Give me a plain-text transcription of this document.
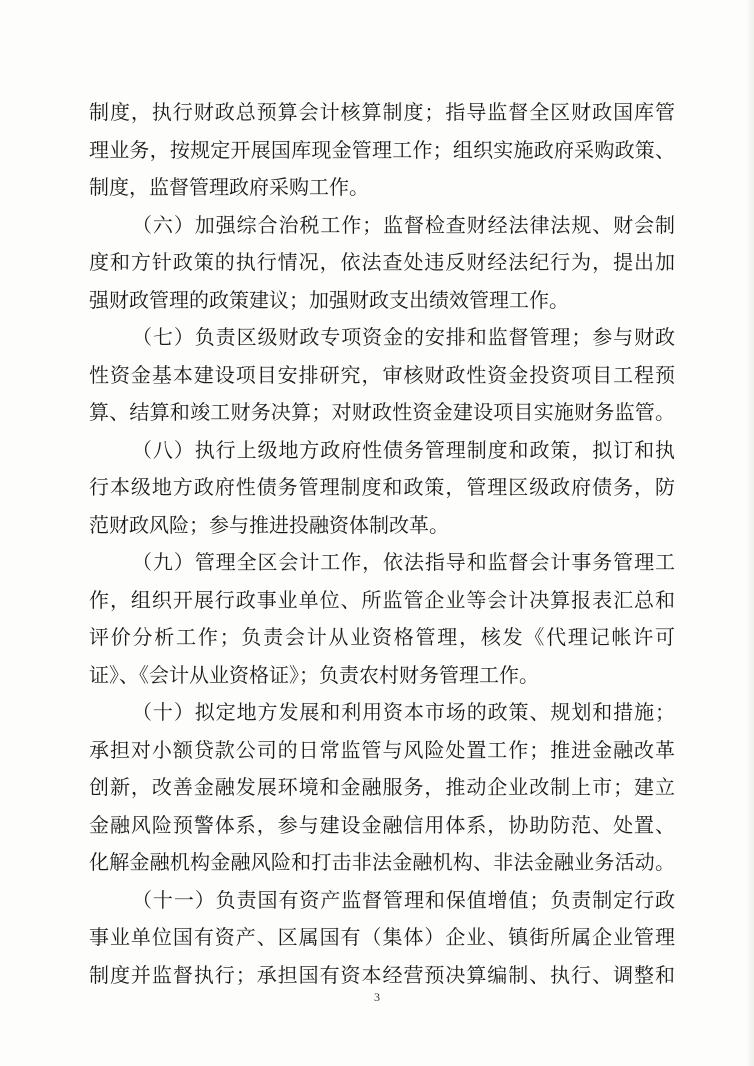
制度，执行财政总预算会计核算制度；指导监督全区财政国库管
理业务，按规定开展国库现金管理工作；组织实施政府采购政策、
制度，监督管理政府采购工作。
（六）加强综合治税工作；监督检查财经法律法规、财会制
度和方针政策的执行情况，依法查处违反财经法纪行为，提出加
强财政管理的政策建议；加强财政支出绩效管理工作。
（七）负责区级财政专项资金的安排和监督管理；参与财政
性资金基本建设项目安排研究，审核财政性资金投资项目工程预
算、结算和竣工财务决算；对财政性资金建设项目实施财务监管。
（八）执行上级地方政府性债务管理制度和政策，拟订和执
行本级地方政府性债务管理制度和政策，管理区级政府债务，防
范财政风险；参与推进投融资体制改革。
（九）管理全区会计工作，依法指导和监督会计事务管理工
作，组织开展行政事业单位、所监管企业等会计决算报表汇总和
评价分析工作；负责会计从业资格管理，核发《代理记帐许可
证》、《会计从业资格证》；负责农村财务管理工作。
（十）拟定地方发展和利用资本市场的政策、规划和措施；
承担对小额贷款公司的日常监管与风险处置工作；推进金融改革
创新，改善金融发展环境和金融服务，推动企业改制上市；建立
金融风险预警体系，参与建设金融信用体系，协助防范、处置、
化解金融机构金融风险和打击非法金融机构、非法金融业务活动。
（十一）负责国有资产监督管理和保值增值；负责制定行政
事业单位国有资产、区属国有（集体）企业、镇街所属企业管理
制度并监督执行；承担国有资本经营预决算编制、执行、调整和
3
